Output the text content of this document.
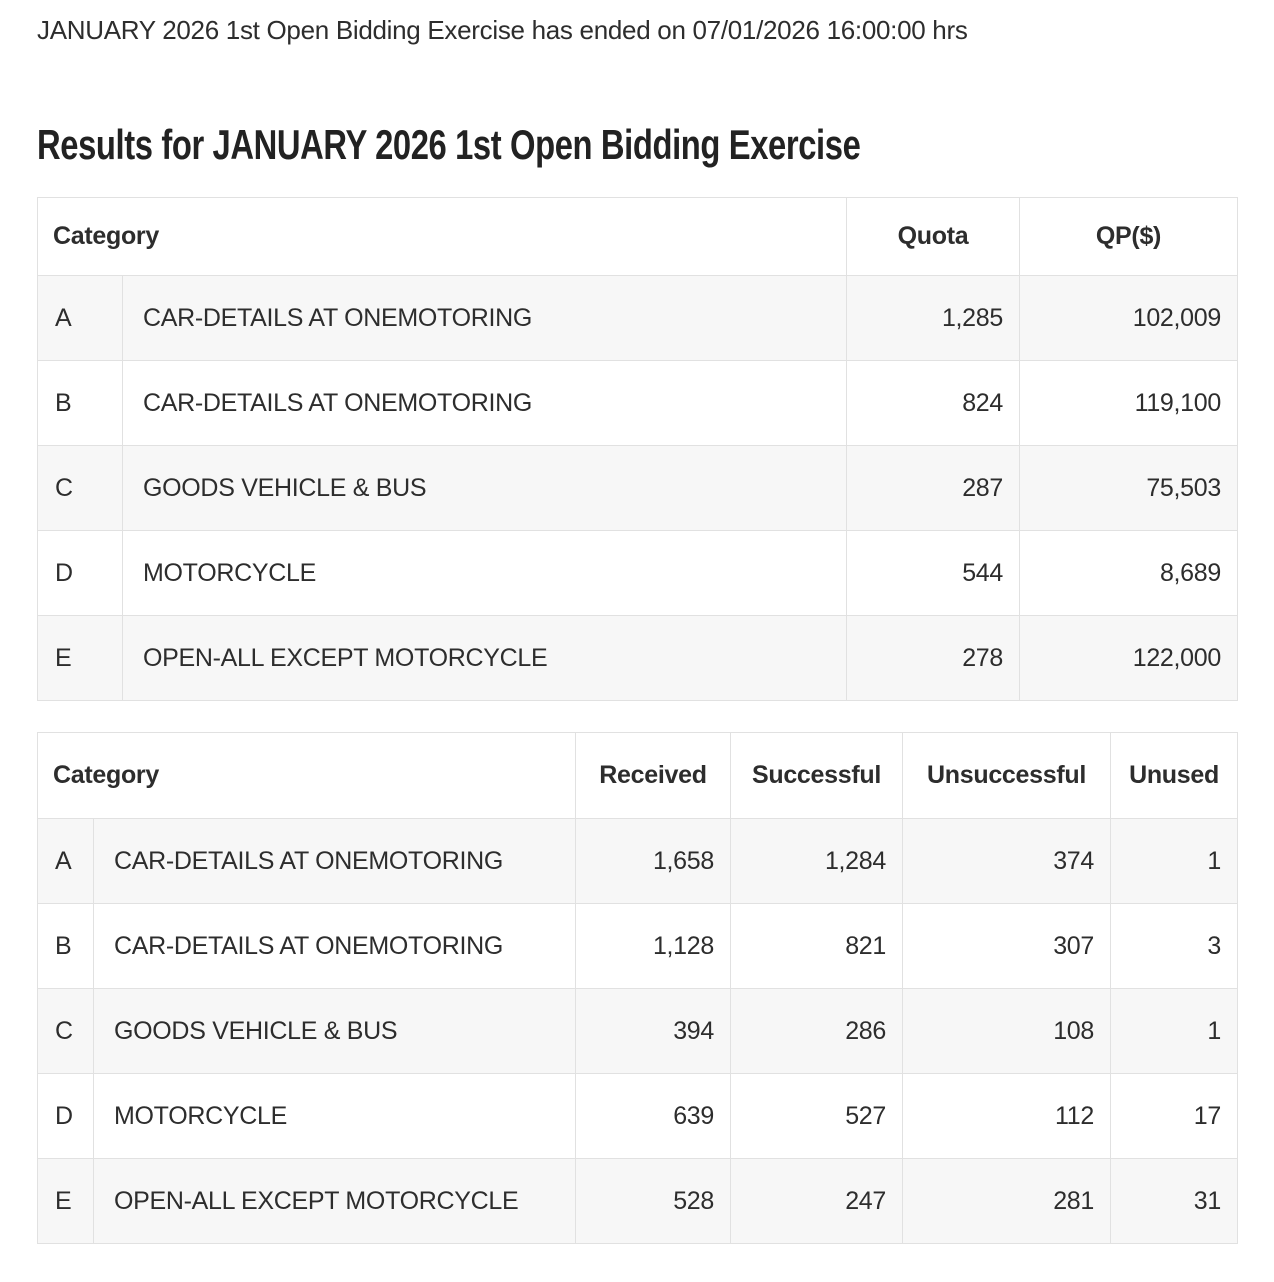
JANUARY 2026 1st Open Bidding Exercise has ended on 07/01/2026 16:00:00 hrs

Results for JANUARY 2026 1st Open Bidding Exercise
Category		Quota	QP($)
A	CAR-DETAILS AT ONEMOTORING	1,285	102,009
B	CAR-DETAILS AT ONEMOTORING	824	119,100
C	GOODS VEHICLE & BUS	287	75,503
D	MOTORCYCLE	544	8,689
E	OPEN-ALL EXCEPT MOTORCYCLE	278	122,000
Category		Received	Successful	Unsuccessful	Unused
A	CAR-DETAILS AT ONEMOTORING	1,658	1,284	374	1
B	CAR-DETAILS AT ONEMOTORING	1,128	821	307	3
C	GOODS VEHICLE & BUS	394	286	108	1
D	MOTORCYCLE	639	527	112	17
E	OPEN-ALL EXCEPT MOTORCYCLE	528	247	281	31
